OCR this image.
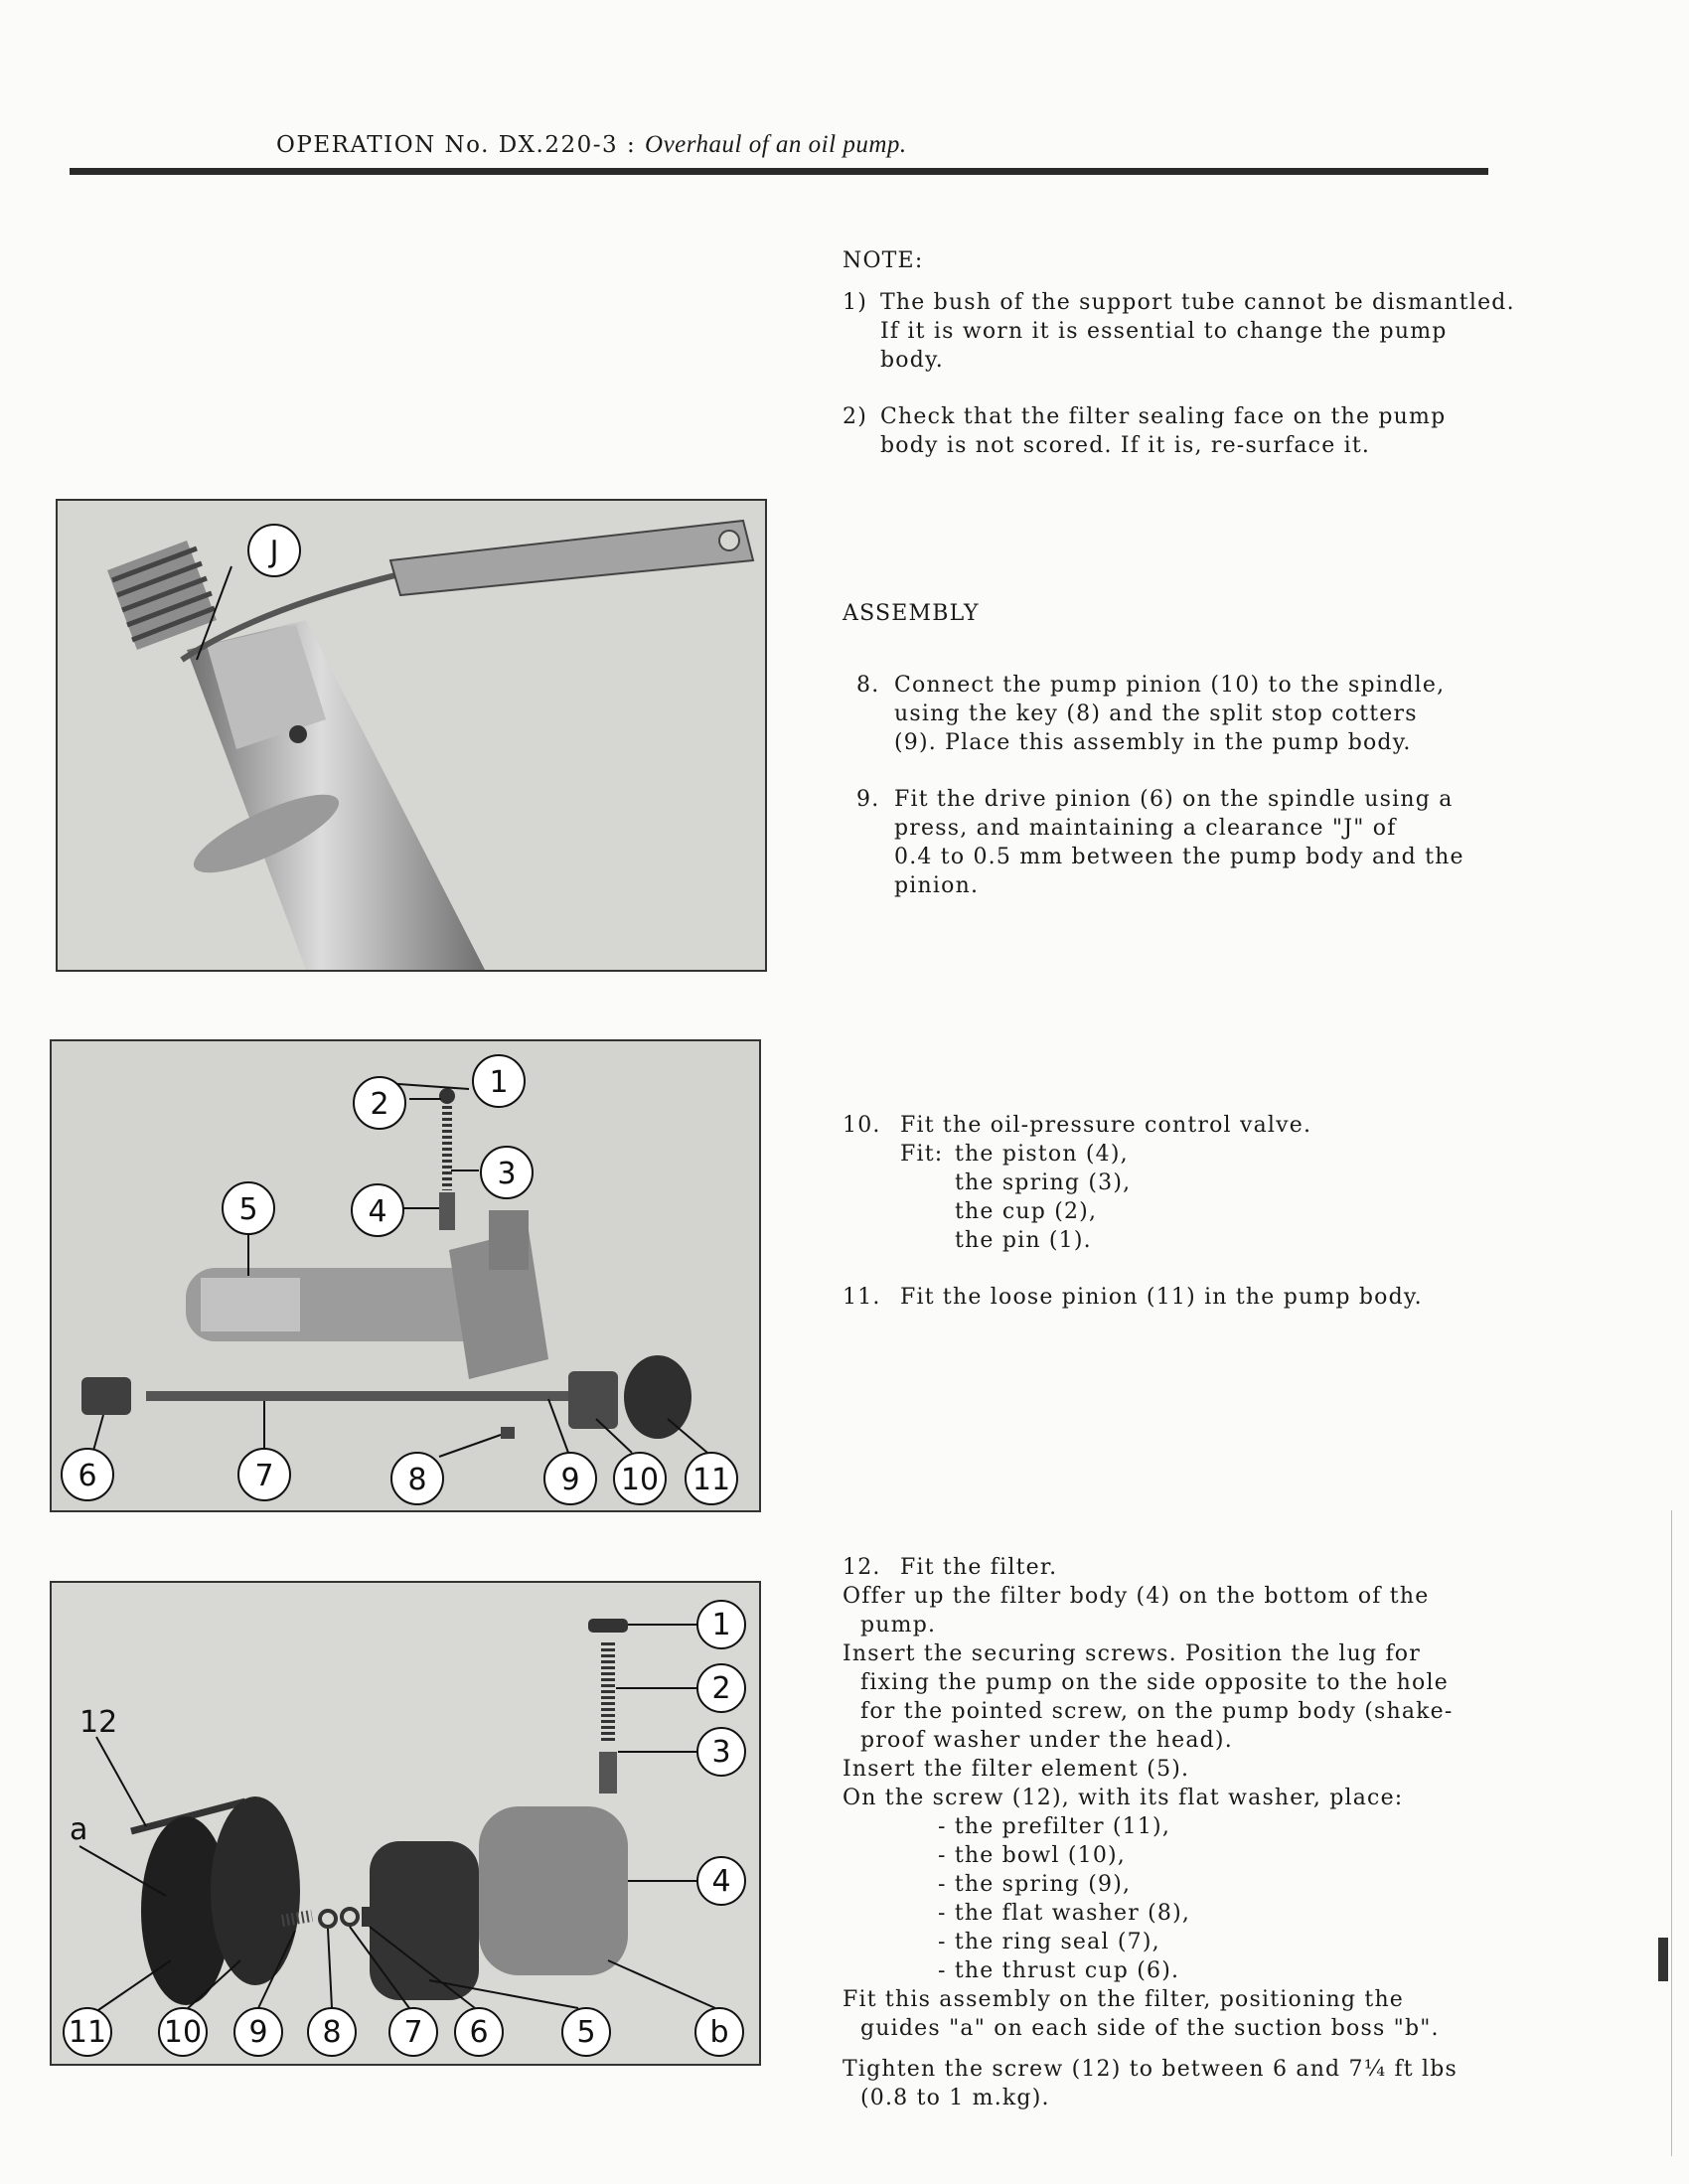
OPERATION No. DX.220-3 : Overhaul of an oil pump.

NOTE:

1) The bush of the support tube cannot be dismantled.

If it is worn it is essential to change the pump

body.

2) Check that the filter sealing face on the pump

body is not scored. If it is, re-surface it.

ASSEMBLY

8. Connect the pump pinion (10) to the spindle,

using the key (8) and the split stop cotters

(9). Place this assembly in the pump body.

9. Fit the drive pinion (6) on the spindle using a

press, and maintaining a clearance "J" of

0.4 to 0.5 mm between the pump body and the

pinion.

10. Fit the oil-pressure control valve.

Fit: the piston (4),

the spring (3),

the cup (2),

the pin (1).

11. Fit the loose pinion (11) in the pump body.

12. Fit the filter.

Offer up the filter body (4) on the bottom of the

pump.

Insert the securing screws. Position the lug for

fixing the pump on the side opposite to the hole

for the pointed screw, on the pump body (shake-

proof washer under the head).

Insert the filter element (5).

On the screw (12), with its flat washer, place:

- the prefilter (11),

- the bowl (10),

- the spring (9),

- the flat washer (8),

- the ring seal (7),

- the thrust cup (6).

Fit this assembly on the filter, positioning the

guides "a" on each side of the suction boss "b".

Tighten the screw (12) to between 6 and 7¼ ft lbs

(0.8 to 1 m.kg).

J
1
2
3
4
5
6	7	8	9 10 11
1
2
3
4
12
a
11 10 9 8 7 6	5	b
